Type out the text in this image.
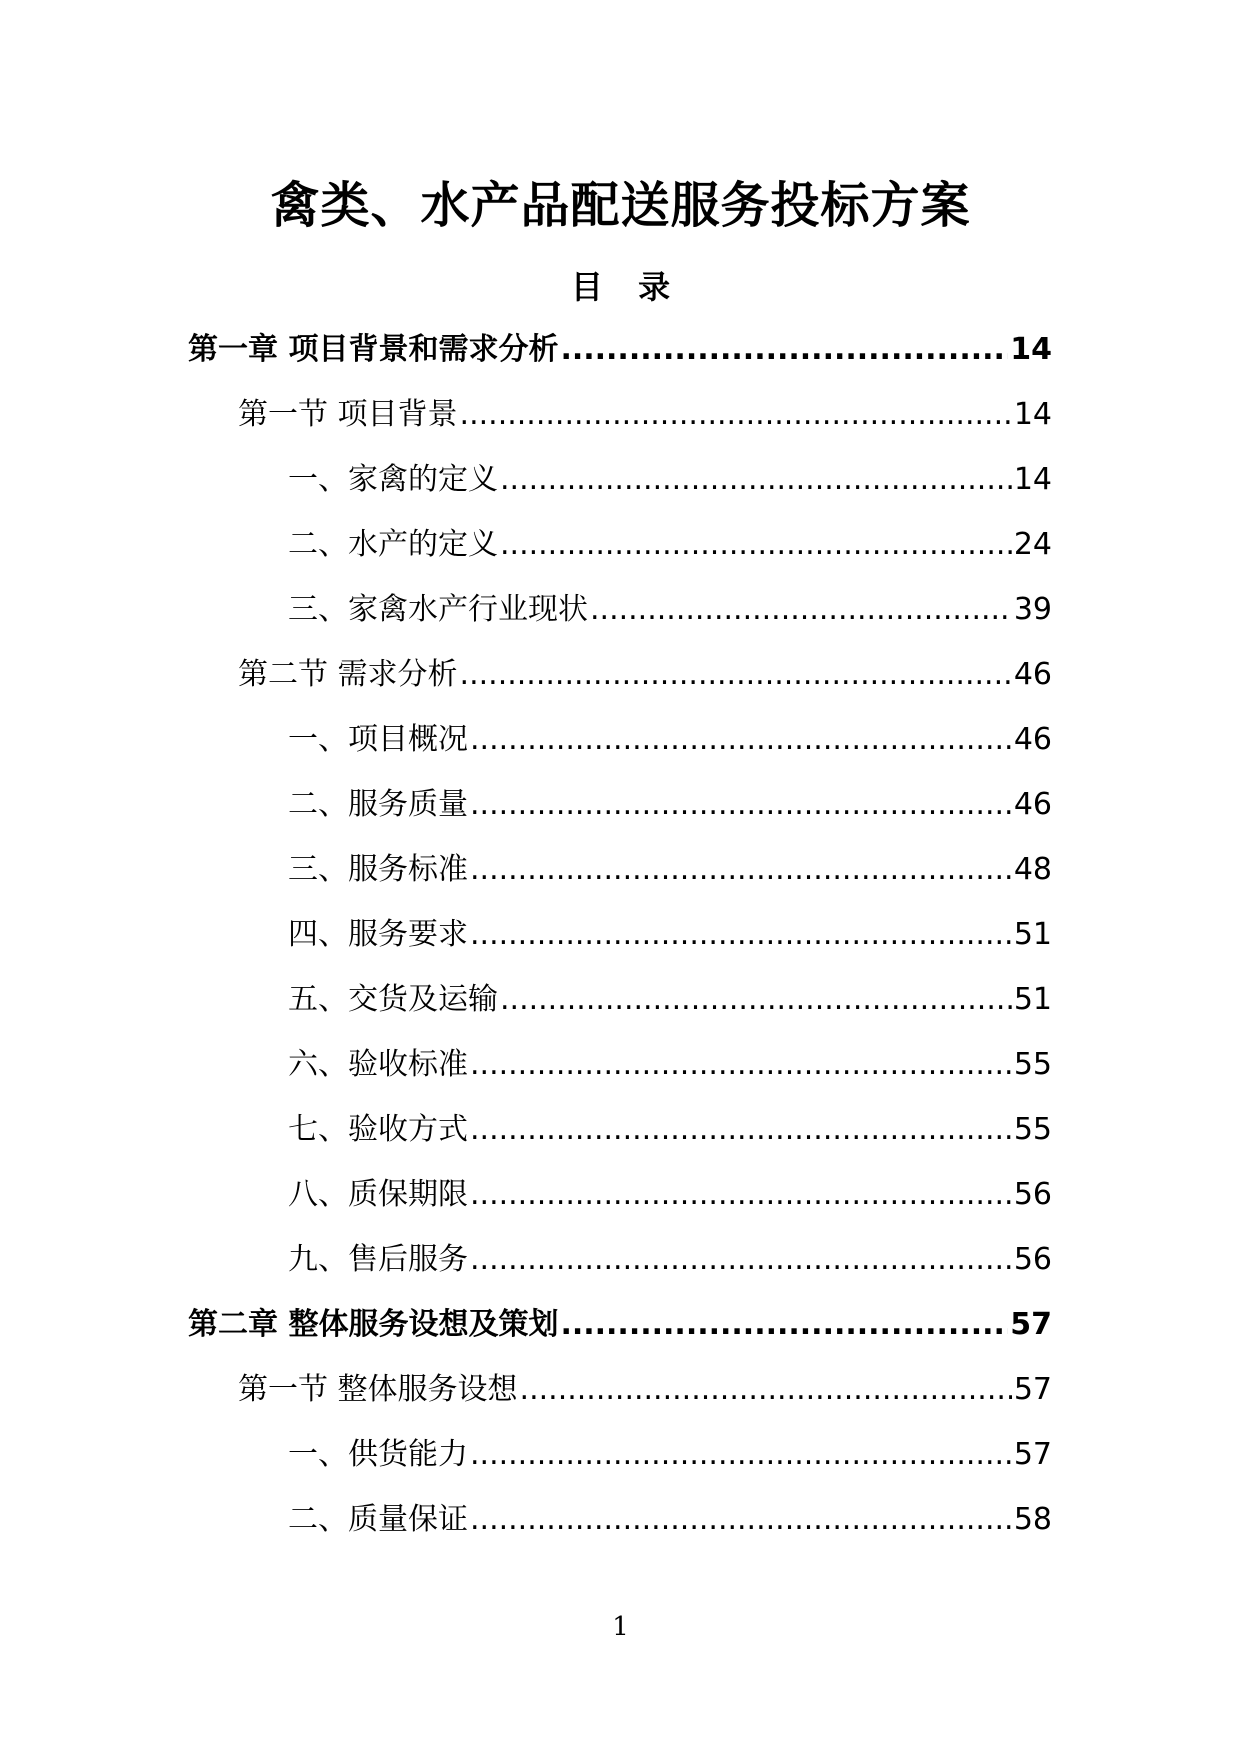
禽类、水产品配送服务投标方案
目 录
第一章 项目背景和需求分析 .....	14
第一节 项目背景 .....	14
一、家禽的定义 .....	14
二、水产的定义 .....	24
三、家禽水产行业现状 .....	39
第二节 需求分析 .....	46
一、项目概况 .....	46
二、服务质量 .....	46
三、服务标准 .....	48
四、服务要求 .....	51
五、交货及运输 .....	51
六、验收标准 .....	55
七、验收方式 .....	55
八、质保期限 .....	56
九、售后服务 .....	56
第二章 整体服务设想及策划 .....	57
第一节 整体服务设想 .....	57
一、供货能力 .....	57
二、质量保证 .....	58
1
